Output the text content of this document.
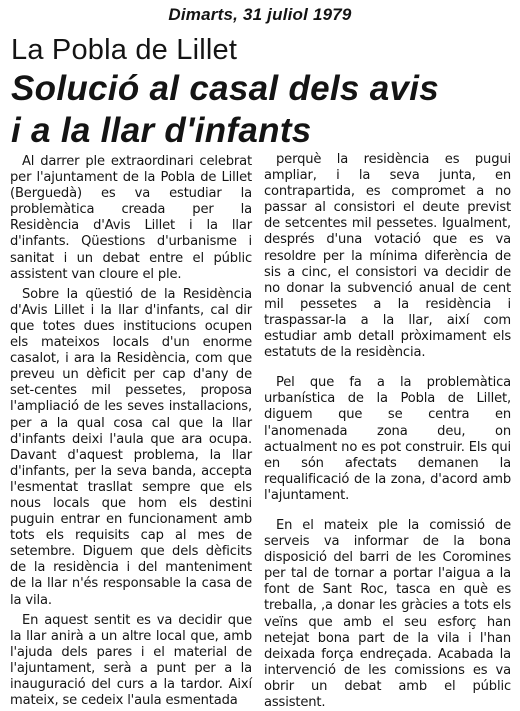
Dimarts, 31 juliol 1979
La Pobla de Lillet
Solució al casal dels avis
i a la llar d'infants

Al darrer ple extraordinari celebrat per l'ajuntament de la Pobla de Lillet (Berguedà) es va estudiar la problemàtica creada per la Residència d'Avis Lillet i la llar d'infants. Qüestions d'urbanisme i sanitat i un debat entre el públic assistent van cloure el ple.

Sobre la qüestió de la Residència d'Avis Lillet i la llar d'infants, cal dir que totes dues institucions ocupen els mateixos locals d'un enorme casalot, i ara la Residència, com que preveu un dèficit per cap d'any de set-centes mil pessetes, proposa l'ampliació de les seves installacions, per a la qual cosa cal que la llar d'infants deixi l'aula que ara ocupa. Davant d'aquest problema, la llar d'infants, per la seva banda, accepta l'esmentat trasllat sempre que els nous locals que hom els destini puguin entrar en funcionament amb tots els requisits cap al mes de setembre. Diguem que dels dèficits de la residència i del manteniment de la llar n'és responsable la casa de la vila.

En aquest sentit es va decidir que la llar anirà a un altre local que, amb l'ajuda dels pares i el material de l'ajuntament, serà a punt per a la inauguració del curs a la tardor. Així mateix, se cedeix l'aula esmentada

perquè la residència es pugui ampliar, i la seva junta, en contrapartida, es compromet a no passar al consistori el deute previst de setcentes mil pessetes. Igualment, després d'una votació que es va resoldre per la mínima diferència de sis a cinc, el consistori va decidir de no donar la subvenció anual de cent mil pessetes a la residència i traspassar-la a la llar, així com estudiar amb detall pròximament els estatuts de la residència.

Pel que fa a la problemàtica urbanística de la Pobla de Lillet, diguem que se centra en l'anomenada zona deu, on actualment no es pot construir. Els qui en són afectats demanen la requalificació de la zona, d'acord amb l'ajuntament.

En el mateix ple la comissió de serveis va informar de la bona disposició del barri de les Coromines per tal de tornar a portar l'aigua a la font de Sant Roc, tasca en què es treballa, ,a donar les gràcies a tots els veïns que amb el seu esforç han netejat bona part de la vila i l'han deixada força endreçada. Acabada la intervenció de les comissions es va obrir un debat amb el públic assistent.
